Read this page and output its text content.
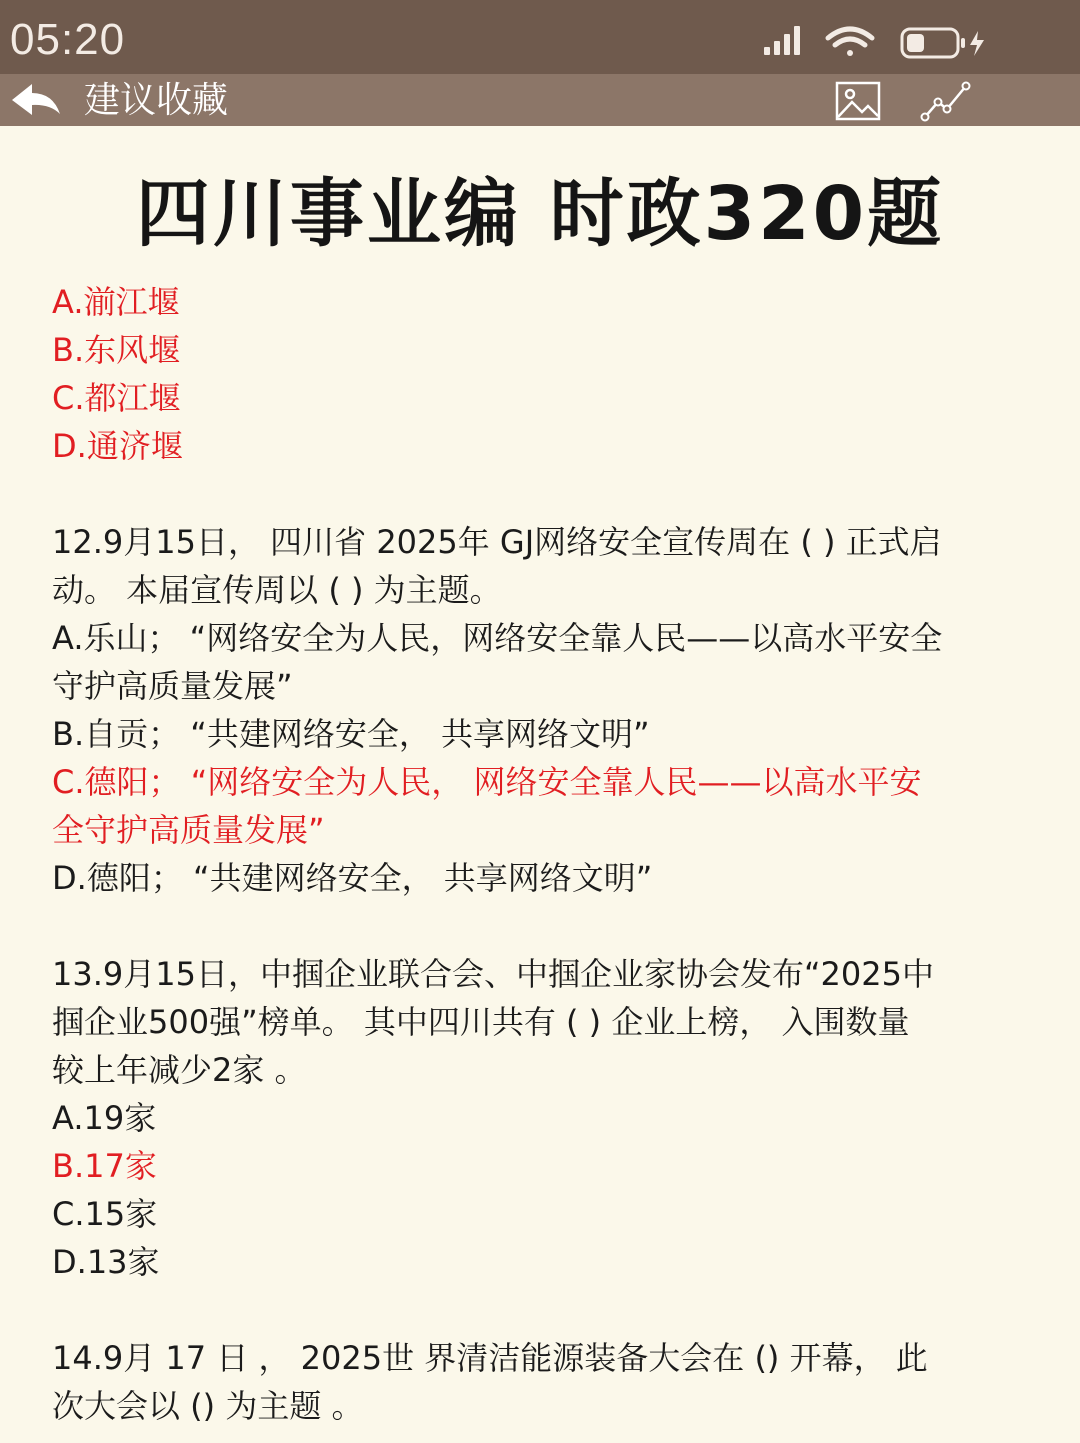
05:20
建议收藏
四川事业编 时政320题
A.湔江堰
B.东风堰
C.都江堰
D.通济堰
12.9月15日， 四川省 2025年 GJ网络安全宣传周在 ( ) 正式启
动。 本届宣传周以 ( ) 为主题。
A.乐山； “网络安全为人民，网络安全靠人民——以高水平安全
守护高质量发展”
B.自贡； “共建网络安全， 共享网络文明”
C.德阳； “网络安全为人民， 网络安全靠人民——以高水平安
全守护高质量发展”
D.德阳； “共建网络安全， 共享网络文明”
13.9月15日，中掴企业联合会、中掴企业家协会发布“2025中
掴企业500强”榜单。 其中四川共有 ( ) 企业上榜， 入围数量
较上年减少2家 。
A.19家
B.17家
C.15家
D.13家
14.9月 17 日 ， 2025世 界清洁能源装备大会在 () 开幕， 此
次大会以 () 为主题 。
